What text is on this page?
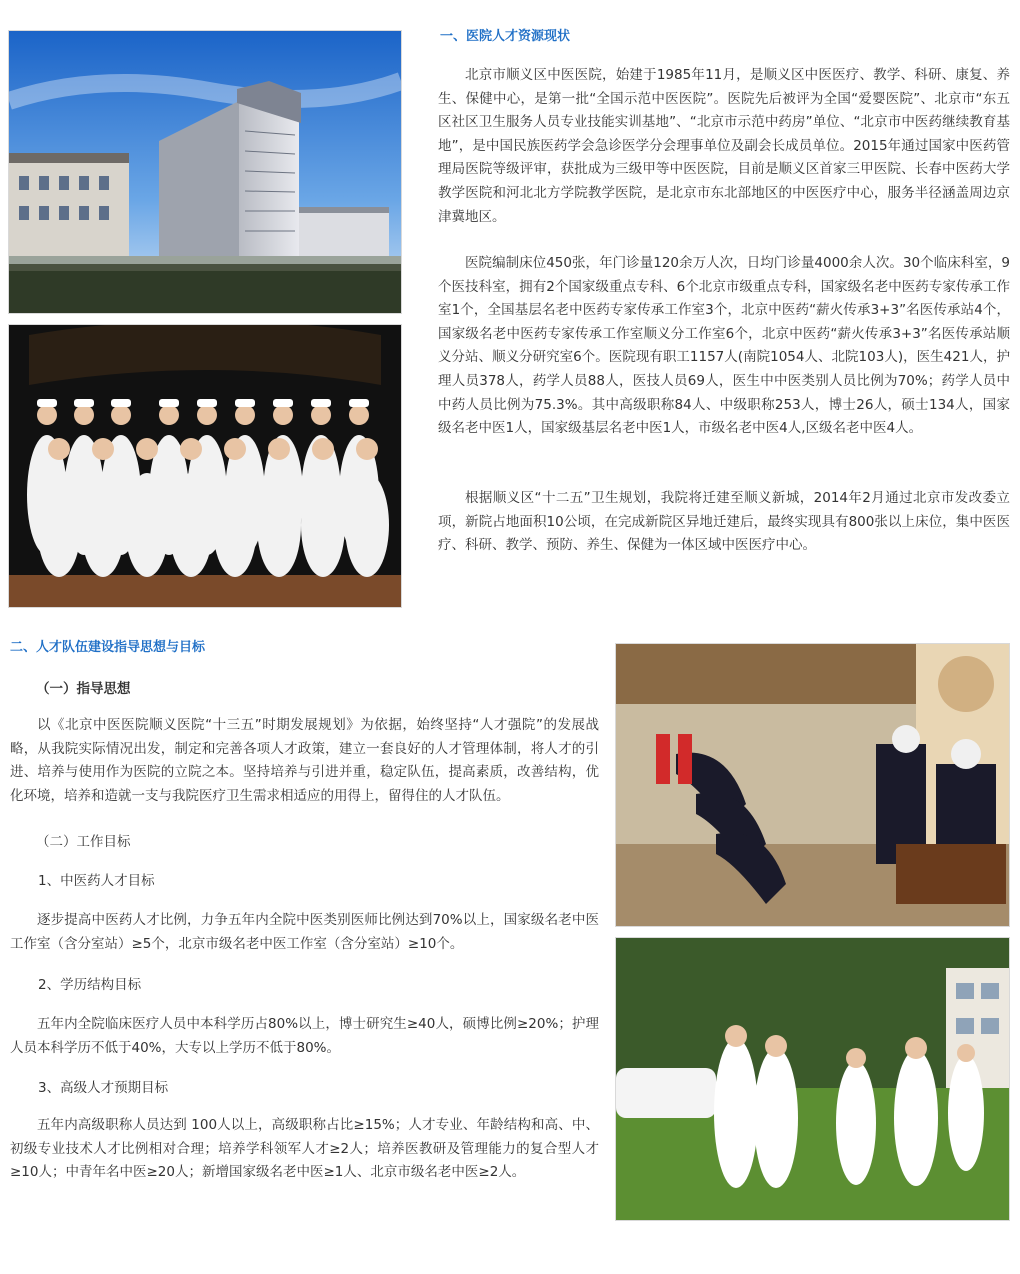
一、医院人才资源现状

北京市顺义区中医医院，始建于1985年11月，是顺义区中医医疗、教学、科研、康复、养生、保健中心，是第一批“全国示范中医医院”。医院先后被评为全国“爱婴医院”、北京市“东五区社区卫生服务人员专业技能实训基地”、“北京市示范中药房”单位、“北京市中医药继续教育基地”，是中国民族医药学会急诊医学分会理事单位及副会长成员单位。2015年通过国家中医药管理局医院等级评审，获批成为三级甲等中医医院，目前是顺义区首家三甲医院、长春中医药大学教学医院和河北北方学院教学医院，是北京市东北部地区的中医医疗中心，服务半径涵盖周边京津冀地区。

医院编制床位450张，年门诊量120余万人次，日均门诊量4000余人次。30个临床科室，9个医技科室，拥有2个国家级重点专科、6个北京市级重点专科，国家级名老中医药专家传承工作室1个，全国基层名老中医药专家传承工作室3个，北京中医药“薪火传承3+3”名医传承站4个，国家级名老中医药专家传承工作室顺义分工作室6个，北京中医药“薪火传承3+3”名医传承站顺义分站、顺义分研究室6个。医院现有职工1157人(南院1054人、北院103人)，医生421人，护理人员378人，药学人员88人，医技人员69人，医生中中医类别人员比例为70%；药学人员中中药人员比例为75.3%。其中高级职称84人、中级职称253人，博士26人，硕士134人，国家级名老中医1人，国家级基层名老中医1人，市级名老中医4人,区级名老中医4人。

根据顺义区“十二五”卫生规划，我院将迁建至顺义新城，2014年2月通过北京市发改委立项，新院占地面积10公顷，在完成新院区异地迁建后，最终实现具有800张以上床位，集中医医疗、科研、教学、预防、养生、保健为一体区域中医医疗中心。

二、人才队伍建设指导思想与目标

（一）指导思想

以《北京中医医院顺义医院“十三五”时期发展规划》为依据，始终坚持“人才强院”的发展战略，从我院实际情况出发，制定和完善各项人才政策，建立一套良好的人才管理体制，将人才的引进、培养与使用作为医院的立院之本。坚持培养与引进并重，稳定队伍，提高素质，改善结构，优化环境，培养和造就一支与我院医疗卫生需求相适应的用得上，留得住的人才队伍。

（二）工作目标

1、中医药人才目标

逐步提高中医药人才比例，力争五年内全院中医类别医师比例达到70%以上，国家级名老中医工作室（含分室站）≥5个，北京市级名老中医工作室（含分室站）≥10个。

2、学历结构目标

五年内全院临床医疗人员中本科学历占80%以上，博士研究生≥40人，硕博比例≥20%；护理人员本科学历不低于40%，大专以上学历不低于80%。

3、高级人才预期目标

五年内高级职称人员达到 100人以上，高级职称占比≥15%；人才专业、年龄结构和高、中、初级专业技术人才比例相对合理；培养学科领军人才≥2人；培养医教研及管理能力的复合型人才≥10人；中青年名中医≥20人；新增国家级名老中医≥1人、北京市级名老中医≥2人。
